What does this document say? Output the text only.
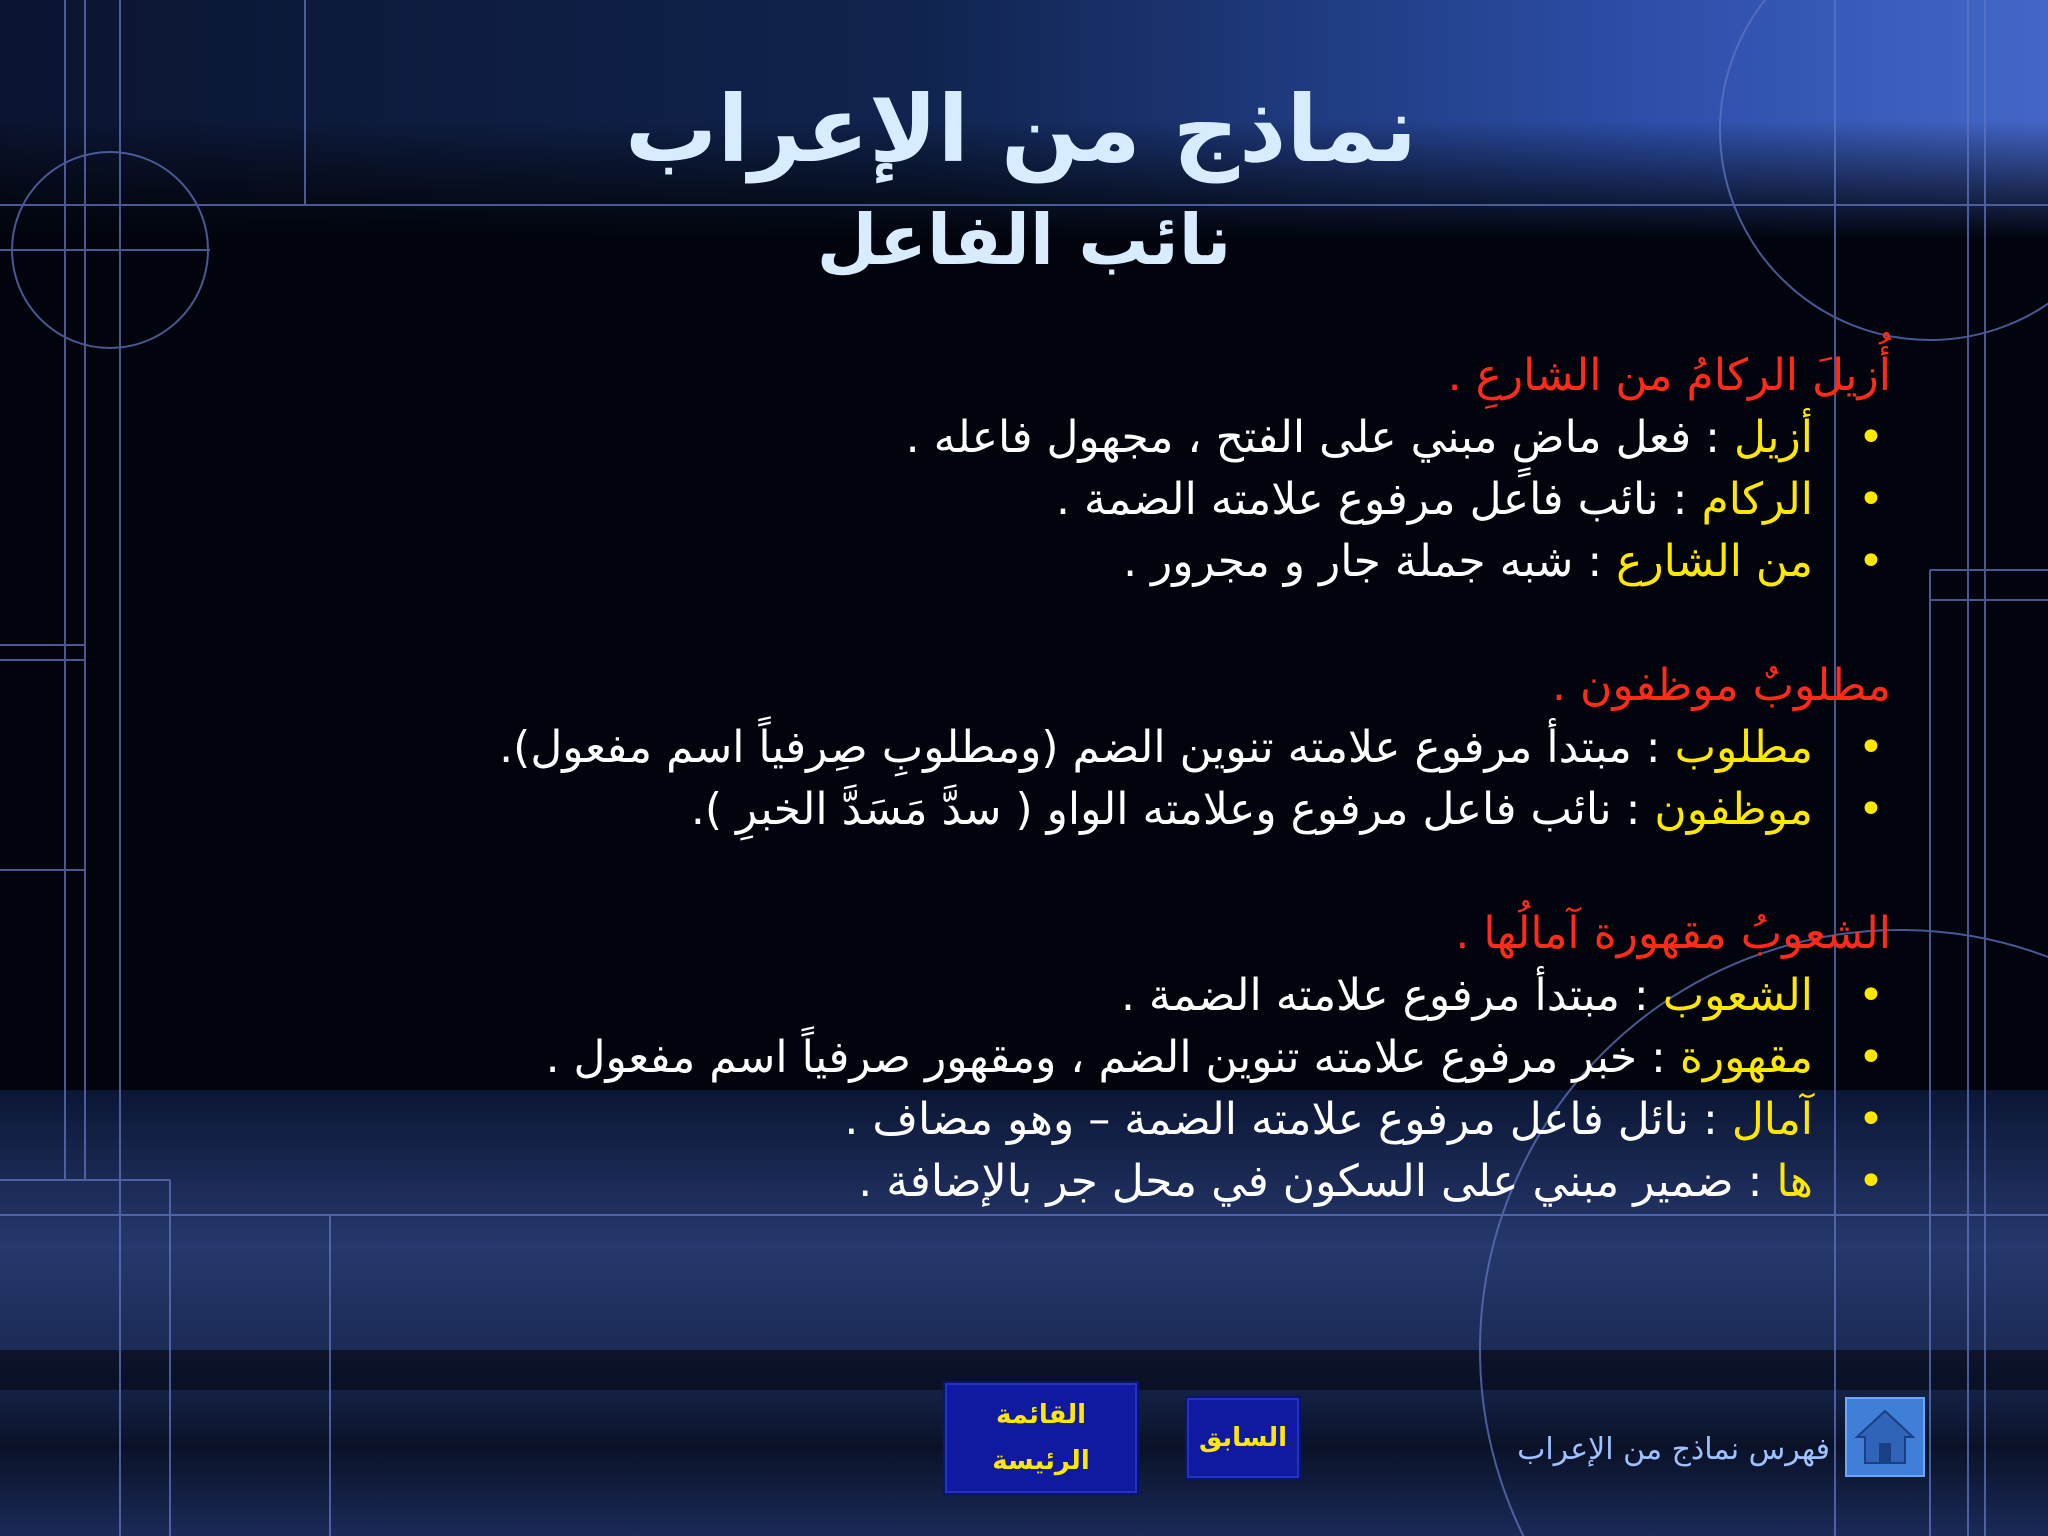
نماذج من الإعراب
نائب الفاعل
أُزيلَ الركامُ من الشارعِ .
•
أزيل : فعل ماضٍ مبني على الفتح ، مجهول فاعله .
•
الركام : نائب فاعل مرفوع علامته الضمة .
•
من الشارع : شبه جملة جار و مجرور .
مطلوبٌ موظفون .
•
مطلوب : مبتدأ مرفوع علامته تنوين الضم (ومطلوبِ صِرفياً اسم مفعول).
•
موظفون : نائب فاعل مرفوع وعلامته الواو ( سدَّ مَسَدَّ الخبرِ ).
الشعوبُ مقهورة آمالُها .
•
الشعوب : مبتدأ مرفوع علامته الضمة .
•
مقهورة : خبر مرفوع علامته تنوين الضم ، ومقهور صرفياً اسم مفعول .
•
آمال : نائل فاعل مرفوع علامته الضمة – وهو مضاف .
•
ها : ضمير مبني على السكون في محل جر بالإضافة .
القائمة
الرئيسة
السابق	فهرس نماذج من الإعراب
